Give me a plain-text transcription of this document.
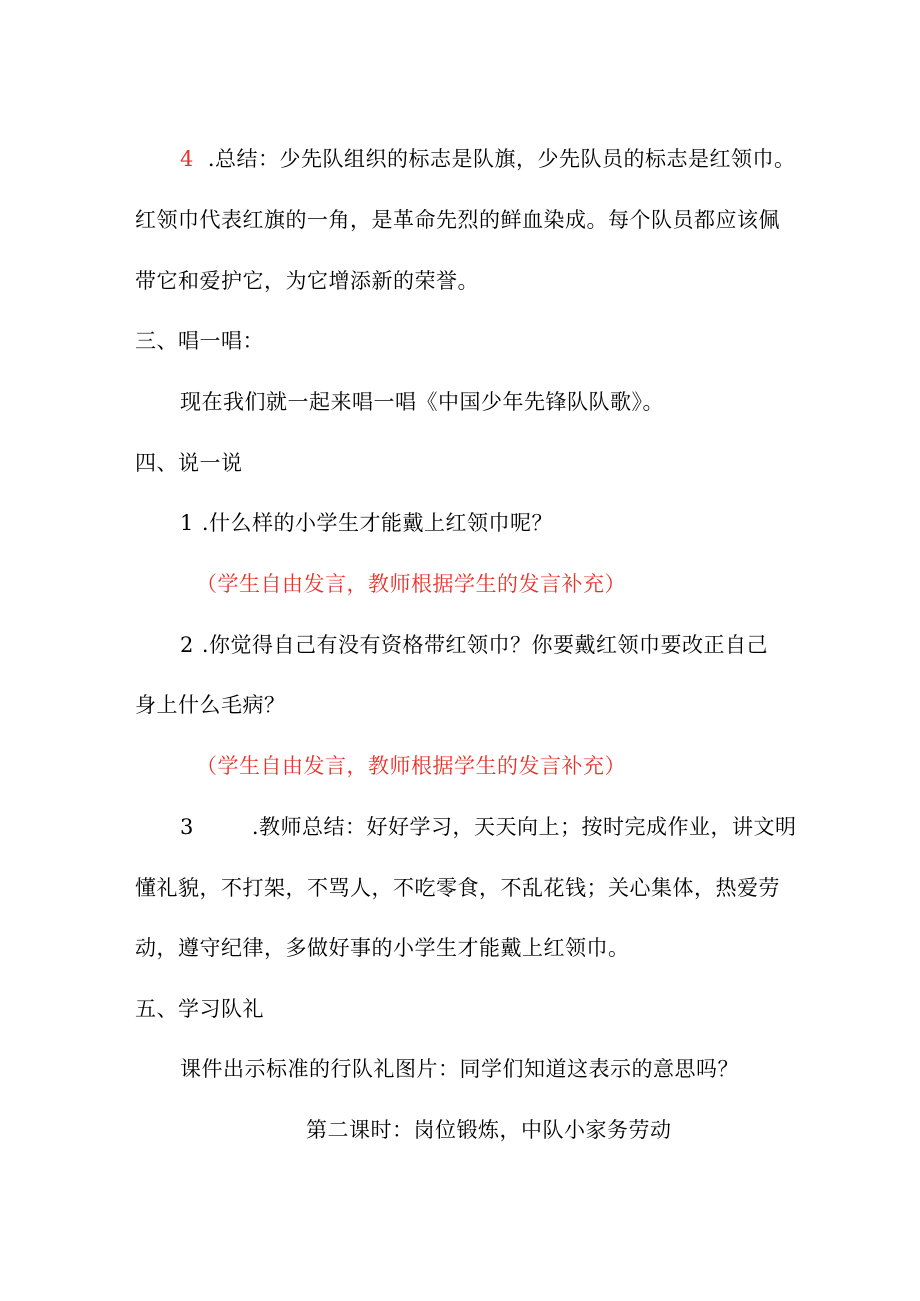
4 .总结：少先队组织的标志是队旗，少先队员的标志是红领巾。
红领巾代表红旗的一角，是革命先烈的鲜血染成。每个队员都应该佩
带它和爱护它，为它增添新的荣誉。
三、唱一唱：
现在我们就一起来唱一唱《中国少年先锋队队歌》。
四、说一说
1 .什么样的小学生才能戴上红领巾呢？
（学生自由发言，教师根据学生的发言补充）
2 .你觉得自己有没有资格带红领巾？你要戴红领巾要改正自己
身上什么毛病？
（学生自由发言，教师根据学生的发言补充）
3	.教师总结：好好学习，天天向上；按时完成作业，讲文明
懂礼貌，不打架，不骂人，不吃零食，不乱花钱；关心集体，热爱劳
动，遵守纪律，多做好事的小学生才能戴上红领巾。
五、学习队礼
课件出示标准的行队礼图片：同学们知道这表示的意思吗？
第二课时：岗位锻炼，中队小家务劳动
